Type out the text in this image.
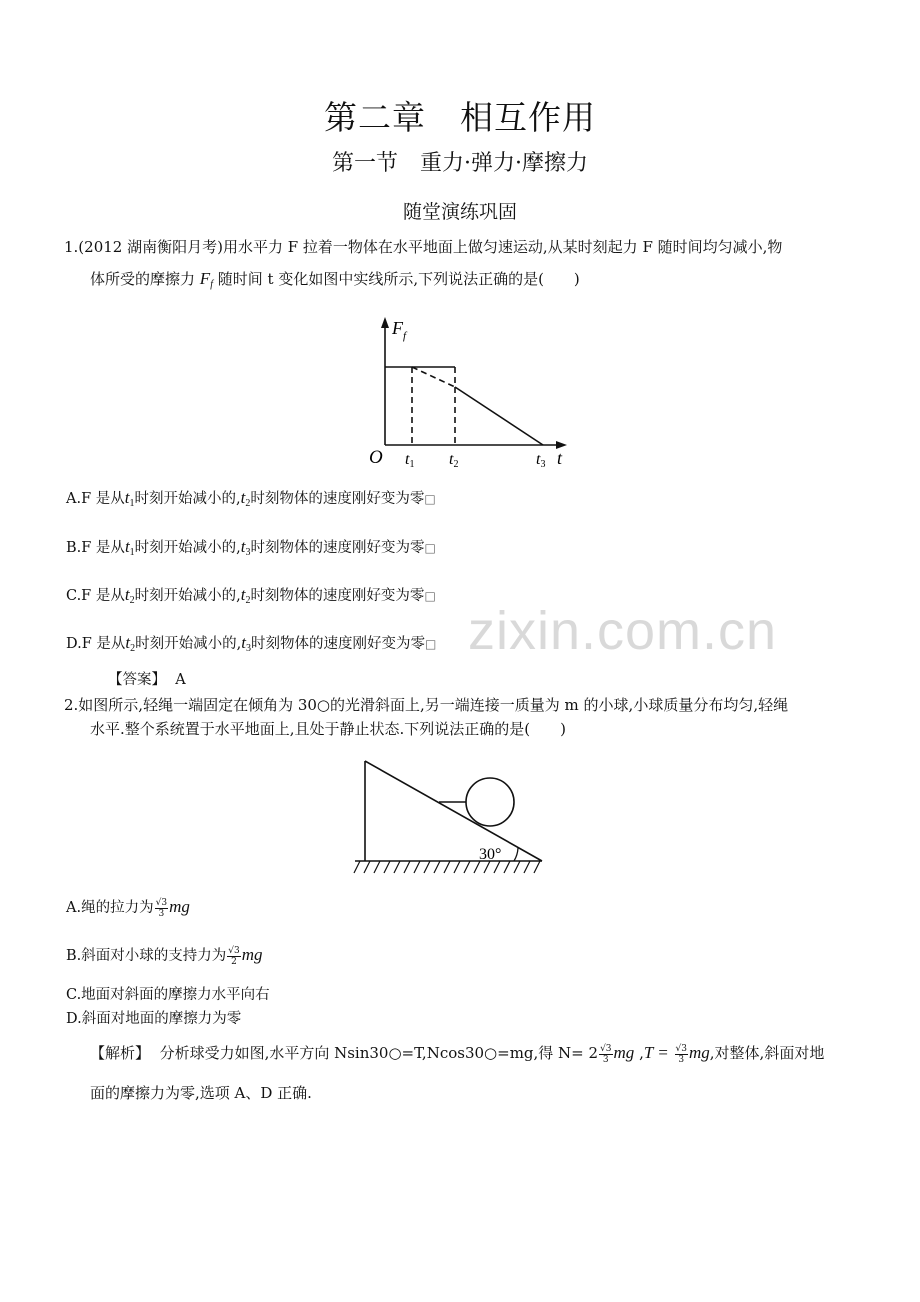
第二章　相互作用
第一节　重力·弹力·摩擦力
随堂演练巩固
1.(2012 湖南衡阳月考)用水平力 F 拉着一物体在水平地面上做匀速运动,从某时刻起力 F 随时间均匀减小,物
体所受的摩擦力 $F_f$ 随时间 t 变化如图中实线所示,下列说法正确的是(　　)
$F_f$
O t1 t2	t3 t
A.F 是从$t_1$时刻开始减小的$,t_2$时刻物体的速度刚好变为零□
B.F 是从$t_1$时刻开始减小的$,t_3$时刻物体的速度刚好变为零□
C.F 是从$t_2$时刻开始减小的$,t_2$时刻物体的速度刚好变为零□
D.F 是从$t_2$时刻开始减小的$,t_3$时刻物体的速度刚好变为零□ zixin.com.cn
【答案】 A
2.如图所示,轻绳一端固定在倾角为 30○的光滑斜面上,另一端连接一质量为 m 的小球,小球质量分布均匀,轻绳
水平.整个系统置于水平地面上,且处于静止状态.下列说法正确的是(　　)
30°
A.绳的拉力为 $\frac{√3}{3}$ mg
B.斜面对小球的支持力为 $\frac{√3}{2}$ mg
C.地面对斜面的摩擦力水平向右
D.斜面对地面的摩擦力为零
【解析】 分析球受力如图,水平方向 Nsin30○=T,Ncos30○=mg,得 $N= 2 \frac{√3}{3}$ mg $,T = \frac{√3}{3}$ mg,对整体,斜面对地
面的摩擦力为零,选项 A、D 正确.
